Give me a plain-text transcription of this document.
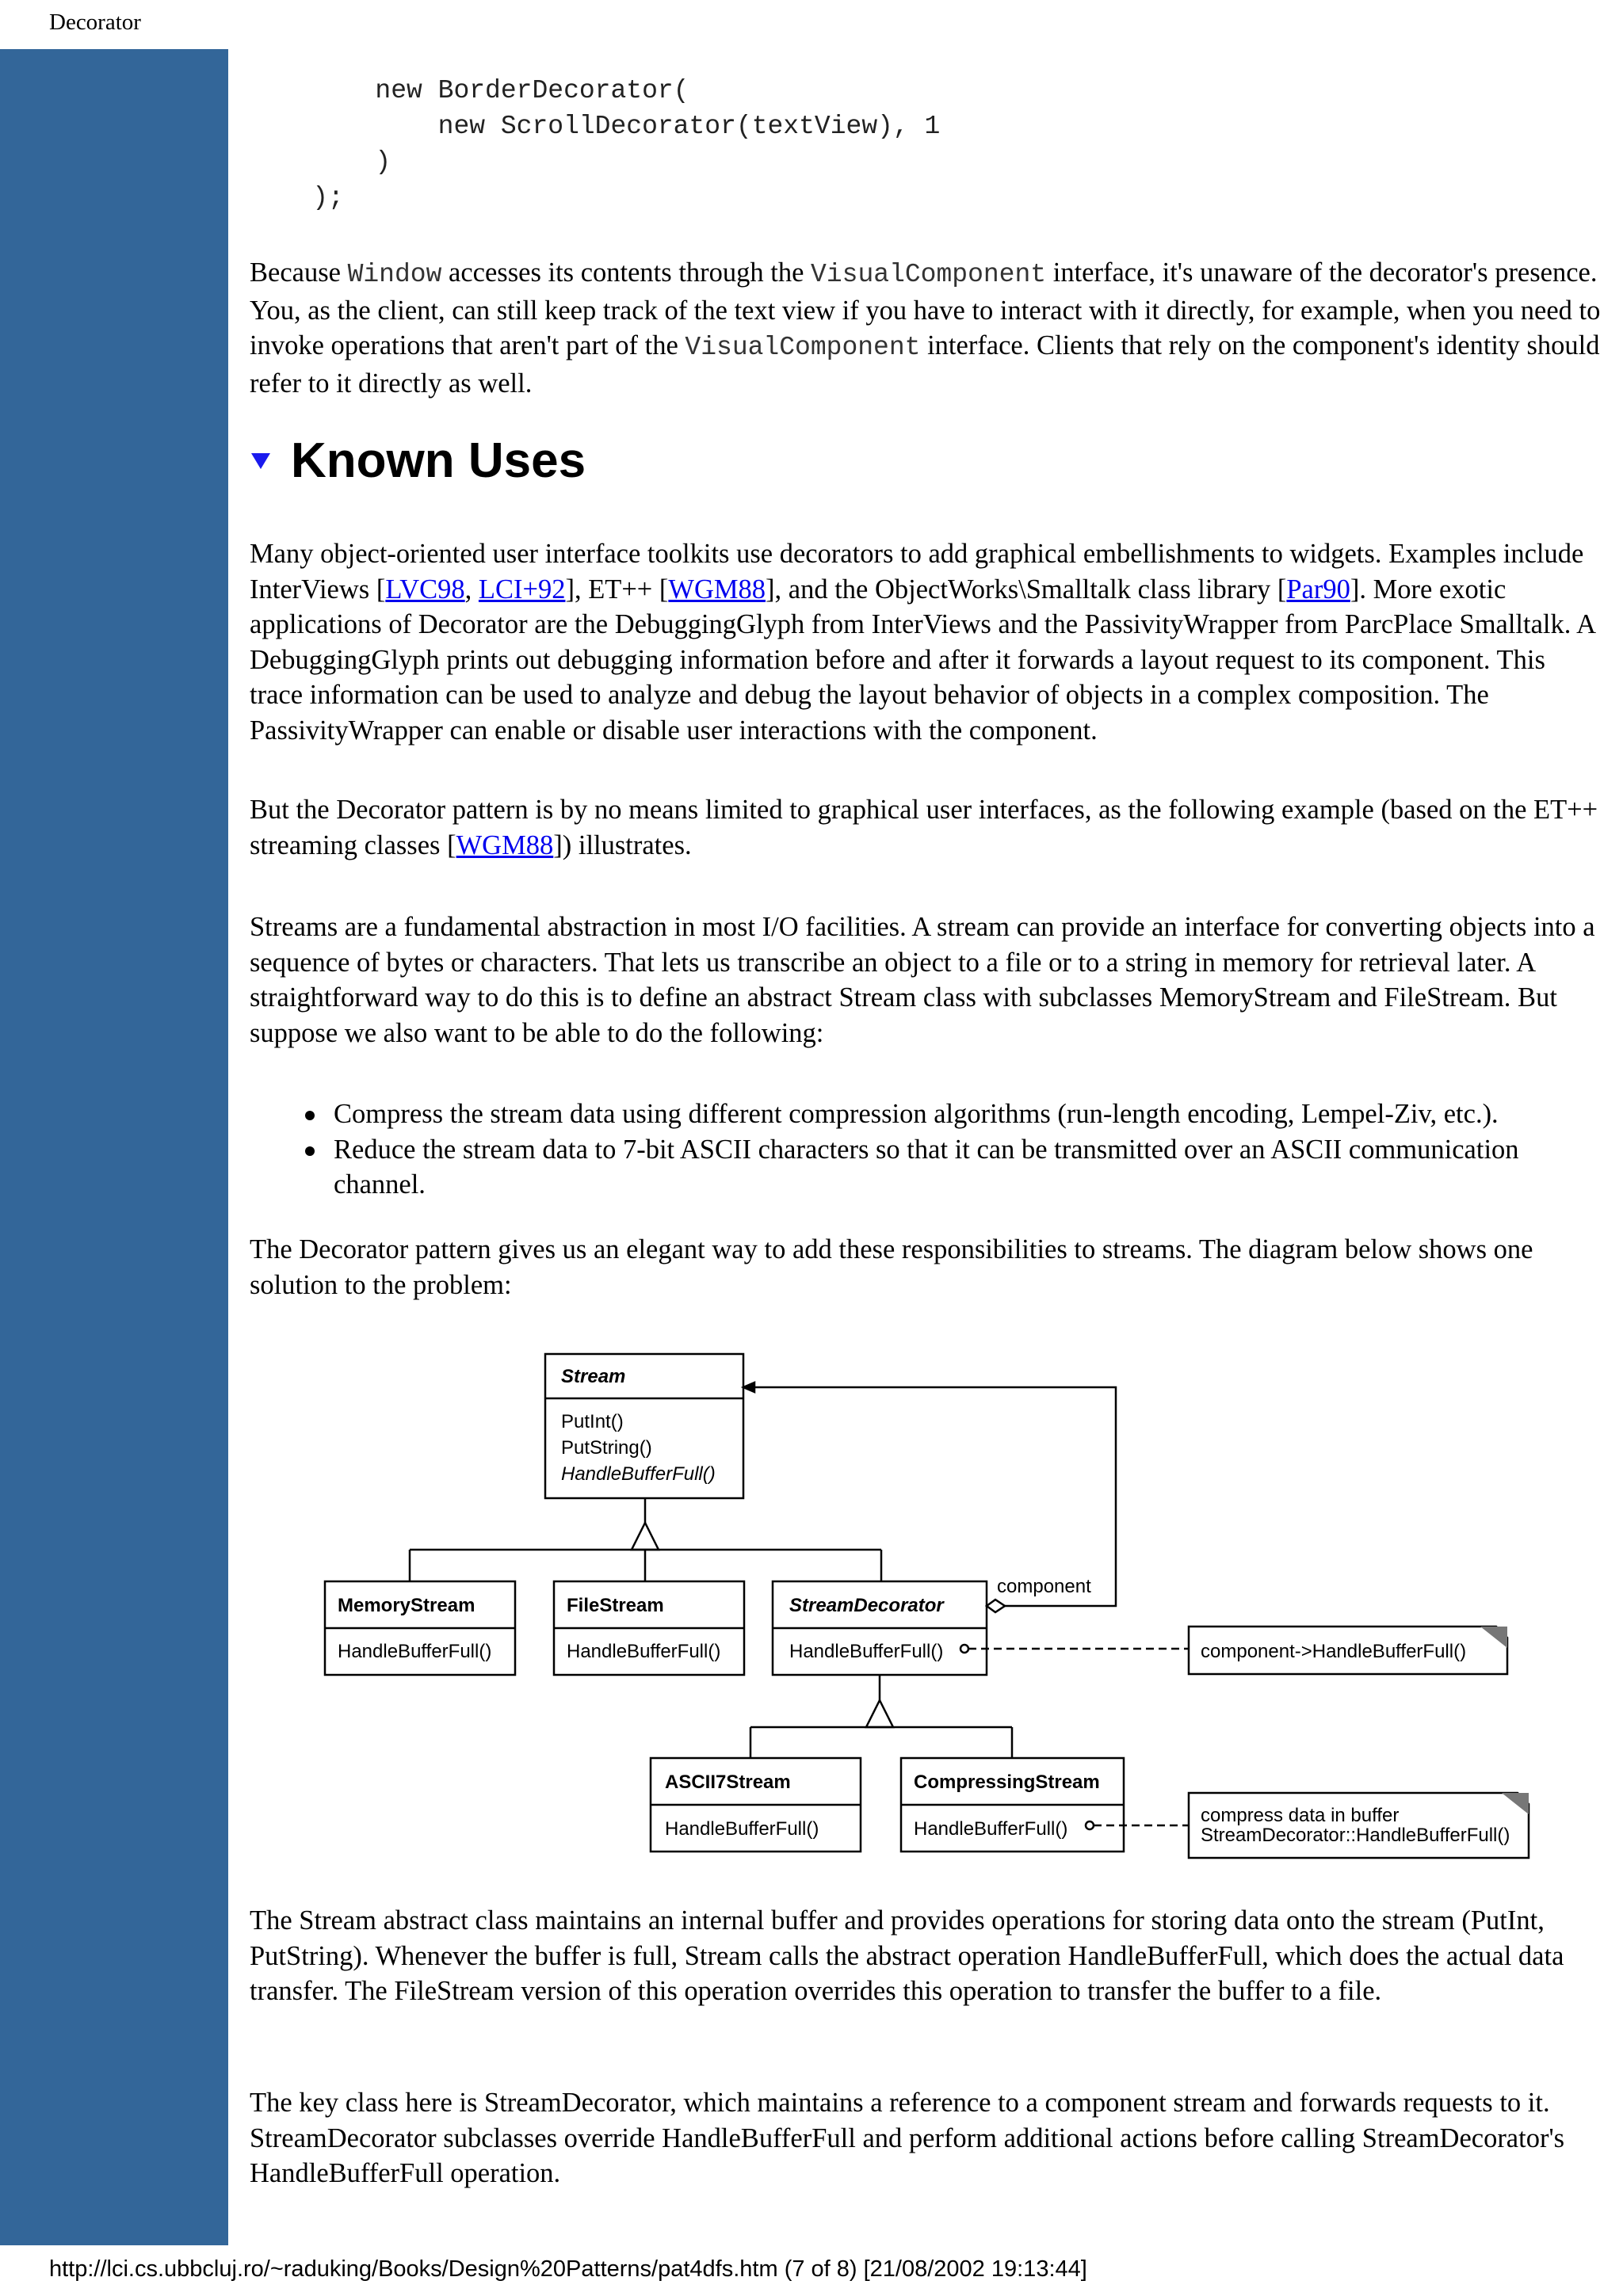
Decorator
new BorderDecorator(
new ScrollDecorator(textView), 1
)
);

Because Window accesses its contents through the VisualComponent interface, it's unaware of the decorator's presence. You, as the client, can still keep track of the text view if you have to interact with it directly, for example, when you need to invoke operations that aren't part of the VisualComponent interface. Clients that rely on the component's identity should refer to it directly as well.

Known Uses

Many object-oriented user interface toolkits use decorators to add graphical embellishments to widgets. Examples include InterViews [LVC98, LCI+92], ET++ [WGM88], and the ObjectWorks\Smalltalk class library [Par90]. More exotic applications of Decorator are the DebuggingGlyph from InterViews and the PassivityWrapper from ParcPlace Smalltalk. A DebuggingGlyph prints out debugging information before and after it forwards a layout request to its component. This trace information can be used to analyze and debug the layout behavior of objects in a complex composition. The PassivityWrapper can enable or disable user interactions with the component.

But the Decorator pattern is by no means limited to graphical user interfaces, as the following example (based on the ET++ streaming classes [WGM88]) illustrates.

Streams are a fundamental abstraction in most I/O facilities. A stream can provide an interface for converting objects into a sequence of bytes or characters. That lets us transcribe an object to a file or to a string in memory for retrieval later. A straightforward way to do this is to define an abstract Stream class with subclasses MemoryStream and FileStream. But suppose we also want to be able to do the following:

Compress the stream data using different compression algorithms (run-length encoding, Lempel-Ziv, etc.).
Reduce the stream data to 7-bit ASCII characters so that it can be transmitted over an ASCII communication channel.

The Decorator pattern gives us an elegant way to add these responsibilities to streams. The diagram below shows one solution to the problem:

Stream
PutInt()
PutString()
HandleBufferFull()
MemoryStream
HandleBufferFull()
FileStream
HandleBufferFull()
StreamDecorator
HandleBufferFull()
component
component->HandleBufferFull()
ASCII7Stream
HandleBufferFull()
CompressingStream
HandleBufferFull()
compress data in buffer
StreamDecorator::HandleBufferFull()

The Stream abstract class maintains an internal buffer and provides operations for storing data onto the stream (PutInt, PutString). Whenever the buffer is full, Stream calls the abstract operation HandleBufferFull, which does the actual data transfer. The FileStream version of this operation overrides this operation to transfer the buffer to a file.

The key class here is StreamDecorator, which maintains a reference to a component stream and forwards requests to it. StreamDecorator subclasses override HandleBufferFull and perform additional actions before calling StreamDecorator's HandleBufferFull operation.

http://lci.cs.ubbcluj.ro/~raduking/Books/Design%20Patterns/pat4dfs.htm (7 of 8) [21/08/2002 19:13:44]
